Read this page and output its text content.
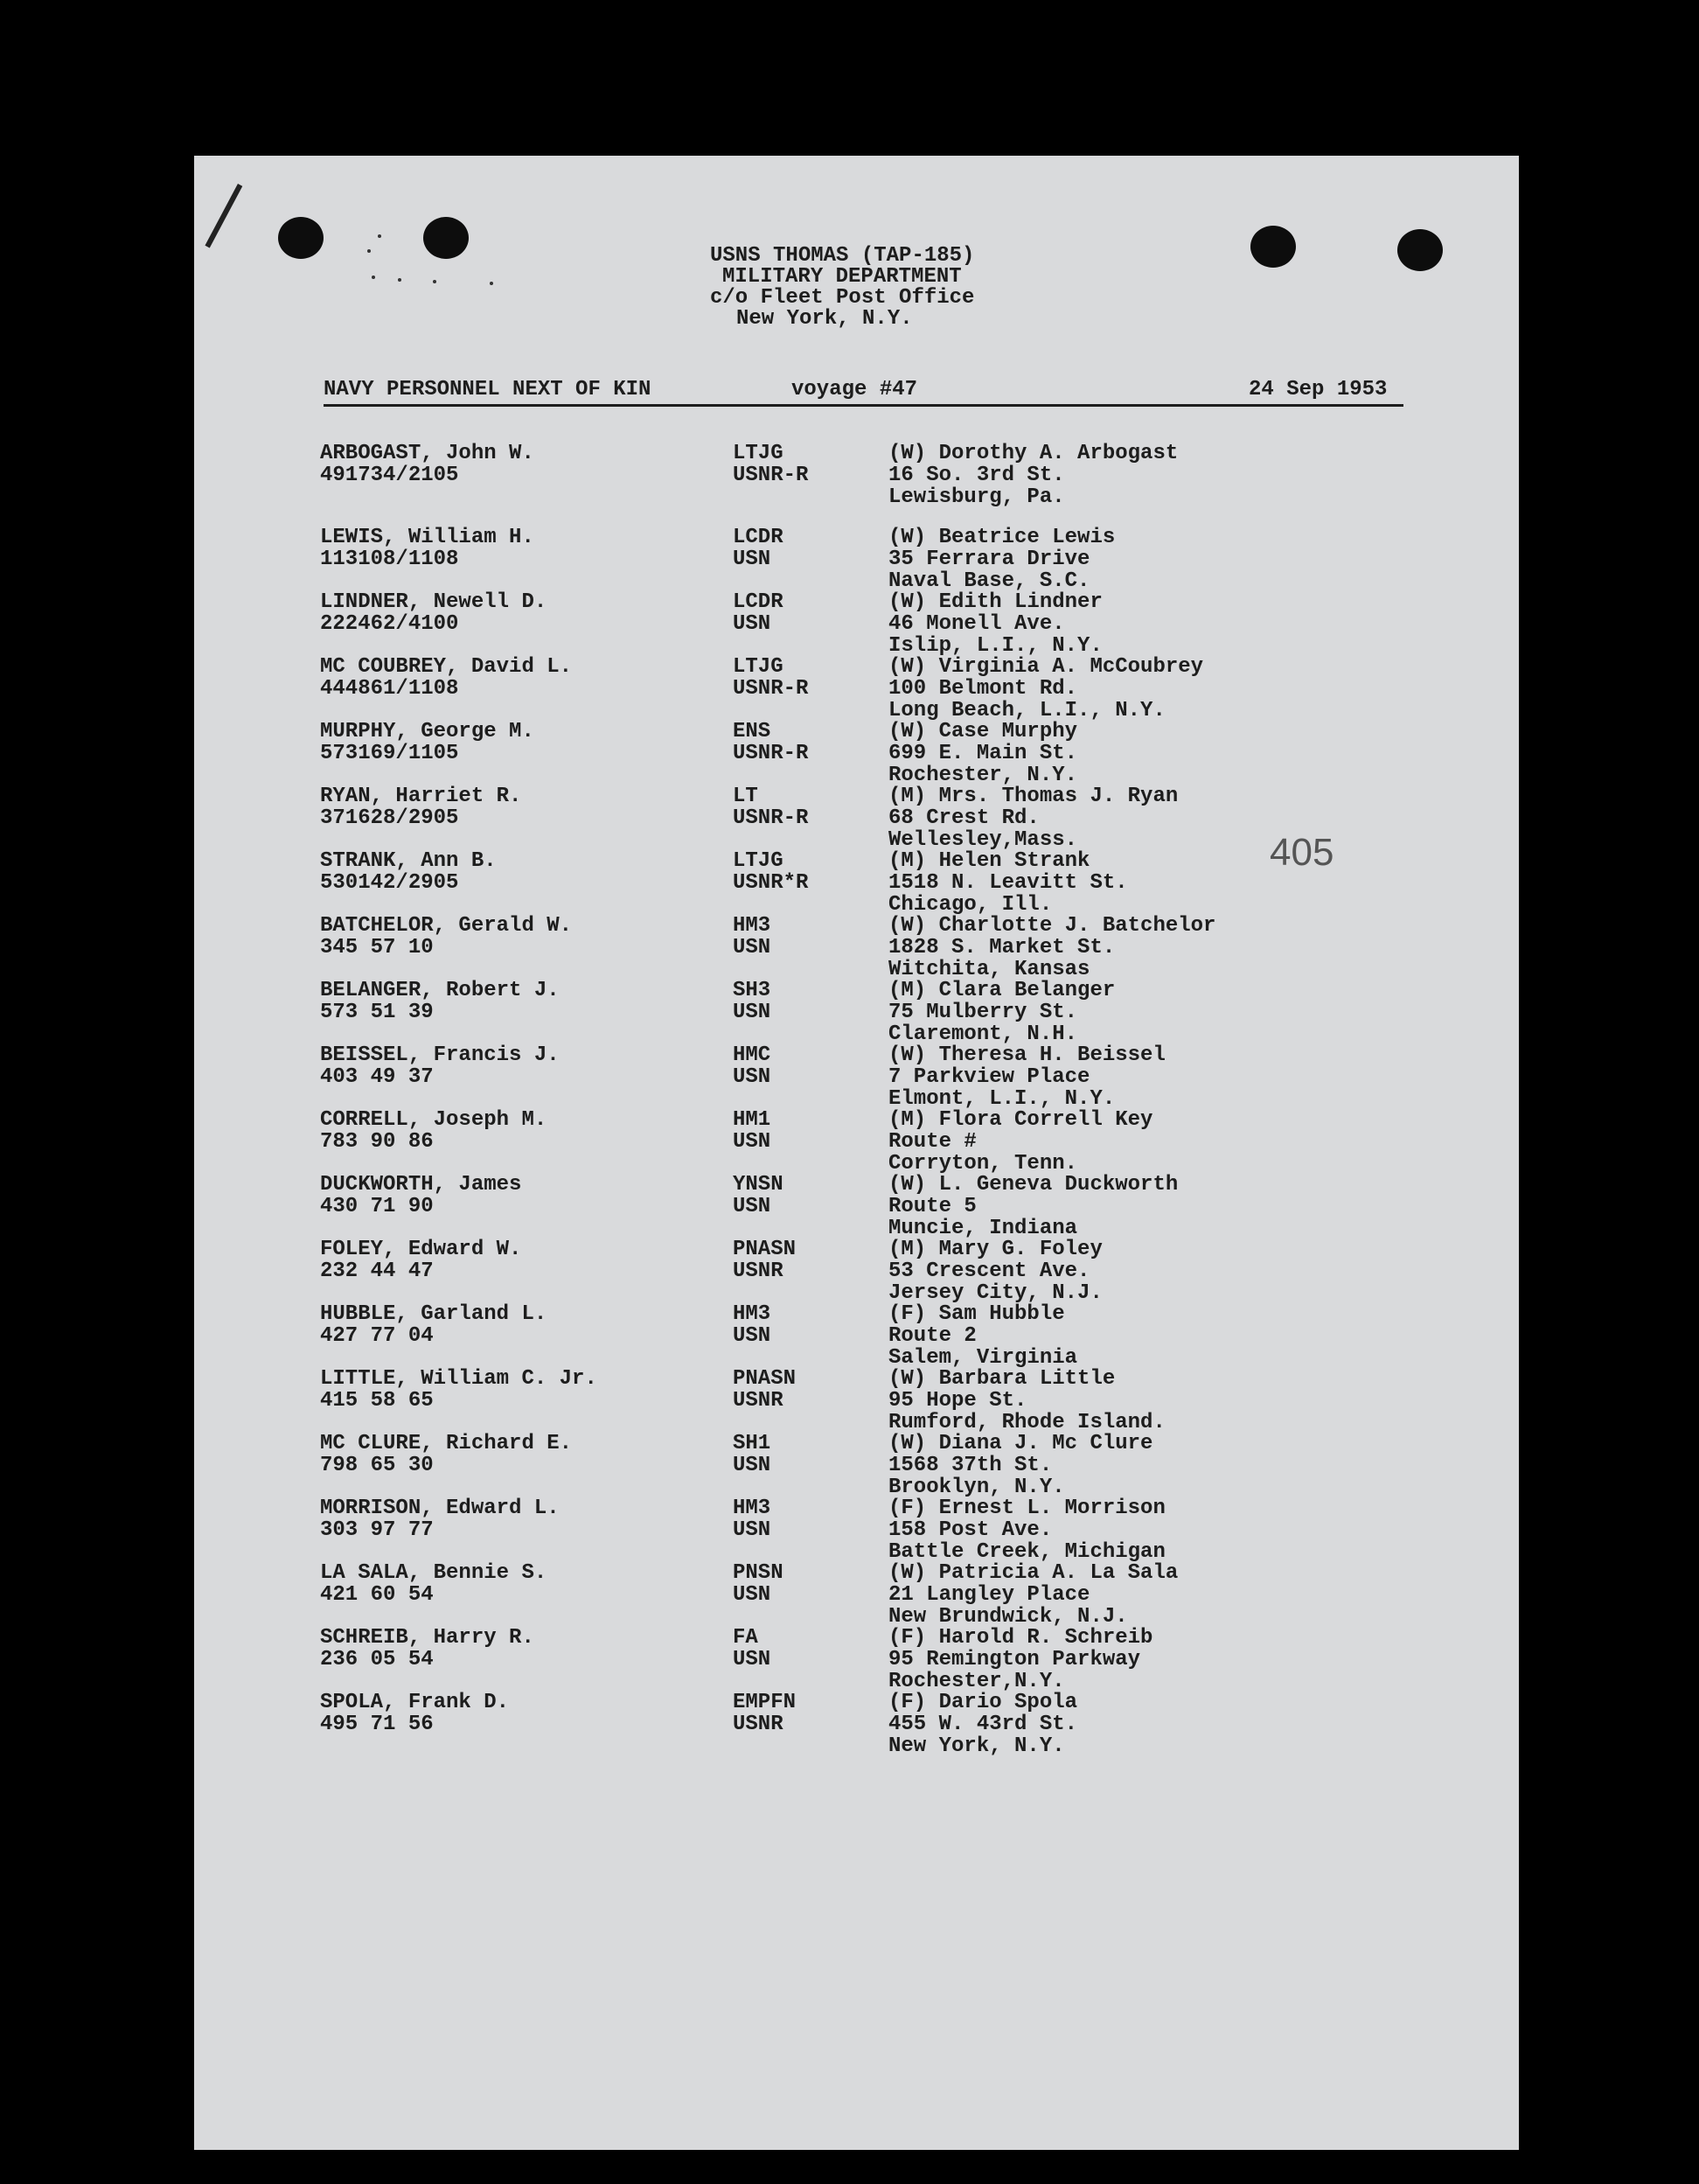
USNS THOMAS (TAP-185)
MILITARY DEPARTMENT
c/o Fleet Post Office
New York, N.Y.
NAVY PERSONNEL NEXT OF KIN	voyage #47	24 Sep 1953
405
ARBOGAST, John W.
491734/2105
LTJG
USNR-R
(W) Dorothy A. Arbogast
16 So. 3rd St.
Lewisburg, Pa.
LEWIS, William H.
113108/1108
LCDR
USN
(W) Beatrice Lewis
35 Ferrara Drive
Naval Base, S.C.
LINDNER, Newell D.
222462/4100
LCDR
USN
(W) Edith Lindner
46 Monell Ave.
Islip, L.I., N.Y.
MC COUBREY, David L.
444861/1108
LTJG
USNR-R
(W) Virginia A. McCoubrey
100 Belmont Rd.
Long Beach, L.I., N.Y.
MURPHY, George M.
573169/1105
ENS
USNR-R
(W) Case Murphy
699 E. Main St.
Rochester, N.Y.
RYAN, Harriet R.
371628/2905
LT
USNR-R
(M) Mrs. Thomas J. Ryan
68 Crest Rd.
Wellesley,Mass.
STRANK, Ann B.
530142/2905
LTJG
USNR*R
(M) Helen Strank
1518 N. Leavitt St.
Chicago, Ill.
BATCHELOR, Gerald W.
345 57 10
HM3
USN
(W) Charlotte J. Batchelor
1828 S. Market St.
Witchita, Kansas
BELANGER, Robert J.
573 51 39
SH3
USN
(M) Clara Belanger
75 Mulberry St.
Claremont, N.H.
BEISSEL, Francis J.
403 49 37
HMC
USN
(W) Theresa H. Beissel
7 Parkview Place
Elmont, L.I., N.Y.
CORRELL, Joseph M.
783 90 86
HM1
USN
(M) Flora Correll Key
Route #
Corryton, Tenn.
DUCKWORTH, James
430 71 90
YNSN
USN
(W) L. Geneva Duckworth
Route 5
Muncie, Indiana
FOLEY, Edward W.
232 44 47
PNASN
USNR
(M) Mary G. Foley
53 Crescent Ave.
Jersey City, N.J.
HUBBLE, Garland L.
427 77 04
HM3
USN
(F) Sam Hubble
Route 2
Salem, Virginia
LITTLE, William C. Jr.
415 58 65
PNASN
USNR
(W) Barbara Little
95 Hope St.
Rumford, Rhode Island.
MC CLURE, Richard E.
798 65 30
SH1
USN
(W) Diana J. Mc Clure
1568 37th St.
Brooklyn, N.Y.
MORRISON, Edward L.
303 97 77
HM3
USN
(F) Ernest L. Morrison
158 Post Ave.
Battle Creek, Michigan
LA SALA, Bennie S.
421 60 54
PNSN
USN
(W) Patricia A. La Sala
21 Langley Place
New Brundwick, N.J.
SCHREIB, Harry R.
236 05 54
FA
USN
(F) Harold R. Schreib
95 Remington Parkway
Rochester,N.Y.
SPOLA, Frank D.
495 71 56
EMPFN
USNR
(F) Dario Spola
455 W. 43rd St.
New York, N.Y.
